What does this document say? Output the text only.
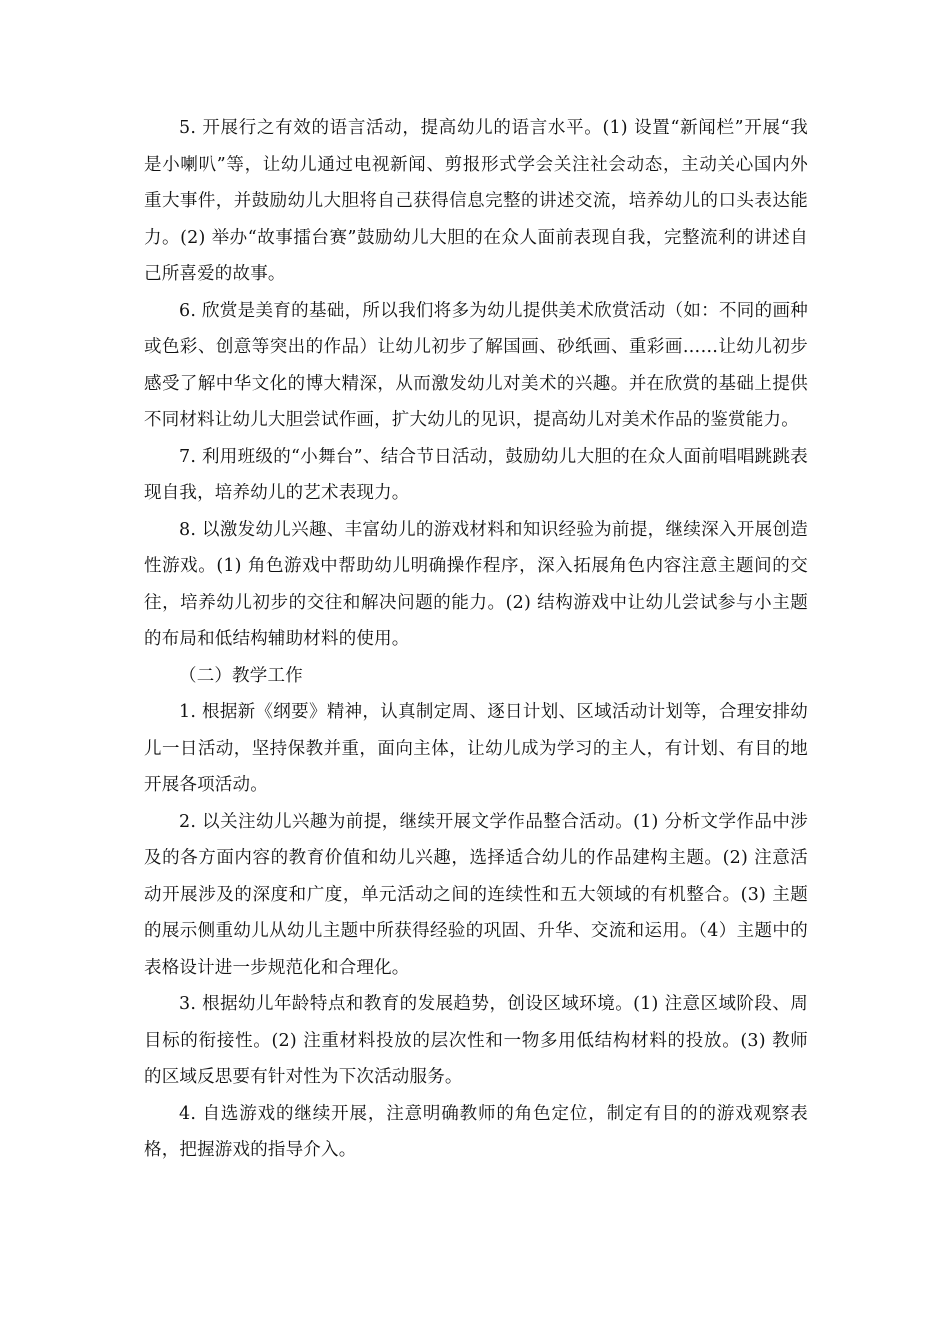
5. 开展行之有效的语言活动，提高幼儿的语言水平。(1) 设置“新闻栏”开展“我是小喇叭”等，让幼儿通过电视新闻、剪报形式学会关注社会动态，主动关心国内外重大事件，并鼓励幼儿大胆将自己获得信息完整的讲述交流，培养幼儿的口头表达能力。(2) 举办“故事擂台赛”鼓励幼儿大胆的在众人面前表现自我，完整流利的讲述自己所喜爱的故事。

6. 欣赏是美育的基础，所以我们将多为幼儿提供美术欣赏活动（如：不同的画种或色彩、创意等突出的作品）让幼儿初步了解国画、砂纸画、重彩画……让幼儿初步感受了解中华文化的博大精深，从而激发幼儿对美术的兴趣。并在欣赏的基础上提供不同材料让幼儿大胆尝试作画，扩大幼儿的见识，提高幼儿对美术作品的鉴赏能力。

7. 利用班级的“小舞台”、结合节日活动，鼓励幼儿大胆的在众人面前唱唱跳跳表现自我，培养幼儿的艺术表现力。

8. 以激发幼儿兴趣、丰富幼儿的游戏材料和知识经验为前提，继续深入开展创造性游戏。(1) 角色游戏中帮助幼儿明确操作程序，深入拓展角色内容注意主题间的交往，培养幼儿初步的交往和解决问题的能力。(2) 结构游戏中让幼儿尝试参与小主题的布局和低结构辅助材料的使用。

（二）教学工作

1. 根据新《纲要》精神，认真制定周、逐日计划、区域活动计划等，合理安排幼儿一日活动，坚持保教并重，面向主体，让幼儿成为学习的主人，有计划、有目的地开展各项活动。

2. 以关注幼儿兴趣为前提，继续开展文学作品整合活动。(1) 分析文学作品中涉及的各方面内容的教育价值和幼儿兴趣，选择适合幼儿的作品建构主题。(2) 注意活动开展涉及的深度和广度，单元活动之间的连续性和五大领域的有机整合。(3) 主题的展示侧重幼儿从幼儿主题中所获得经验的巩固、升华、交流和运用。（4）主题中的表格设计进一步规范化和合理化。

3. 根据幼儿年龄特点和教育的发展趋势，创设区域环境。(1) 注意区域阶段、周目标的衔接性。(2) 注重材料投放的层次性和一物多用低结构材料的投放。(3) 教师的区域反思要有针对性为下次活动服务。

4. 自选游戏的继续开展，注意明确教师的角色定位，制定有目的的游戏观察表格，把握游戏的指导介入。
